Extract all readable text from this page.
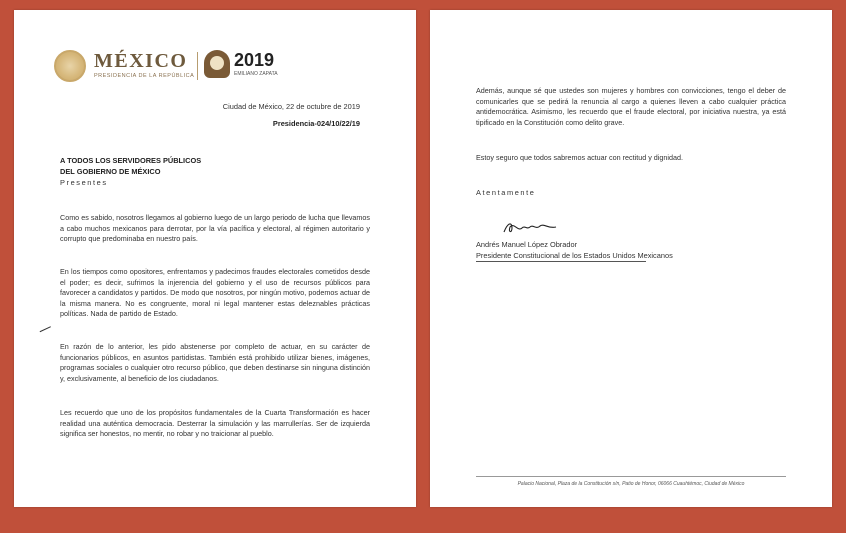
MÉXICO
PRESIDENCIA DE LA REPÚBLICA
2019
EMILIANO ZAPATA
Ciudad de México, 22 de octubre de 2019
Presidencia-024/10/22/19
A TODOS LOS SERVIDORES PÚBLICOS
DEL GOBIERNO DE MÉXICO
Presentes

Como es sabido, nosotros llegamos al gobierno luego de un largo periodo de lucha que llevamos a cabo muchos mexicanos para derrotar, por la vía pacífica y electoral, al régimen autoritario y corrupto que predominaba en nuestro país.

En los tiempos como opositores, enfrentamos y padecimos fraudes electorales cometidos desde el poder; es decir, sufrimos la injerencia del gobierno y el uso de recursos públicos para favorecer a candidatos y partidos. De modo que nosotros, por ningún motivo, podemos actuar de la misma manera. No es congruente, moral ni legal mantener estas deleznables prácticas políticas. Nada de partido de Estado.

En razón de lo anterior, les pido abstenerse por completo de actuar, en su carácter de funcionarios públicos, en asuntos partidistas. También está prohibido utilizar bienes, imágenes, programas sociales o cualquier otro recurso público, que deben destinarse sin ninguna distinción y, exclusivamente, al beneficio de los ciudadanos.

Les recuerdo que uno de los propósitos fundamentales de la Cuarta Transformación es hacer realidad una auténtica democracia. Desterrar la simulación y las marrullerías. Ser de izquierda significa ser honestos, no mentir, no robar y no traicionar al pueblo.

Además, aunque sé que ustedes son mujeres y hombres con convicciones, tengo el deber de comunicarles que se pedirá la renuncia al cargo a quienes lleven a cabo cualquier práctica antidemocrática. Asimismo, les recuerdo que el fraude electoral, por iniciativa nuestra, ya está tipificado en la Constitución como delito grave.

Estoy seguro que todos sabremos actuar con rectitud y dignidad.

Atentamente
Andrés Manuel López Obrador
Presidente Constitucional de los Estados Unidos Mexicanos
Palacio Nacional, Plaza de la Constitución s/n, Patio de Honor, 06066 Cuauhtémoc, Ciudad de México
